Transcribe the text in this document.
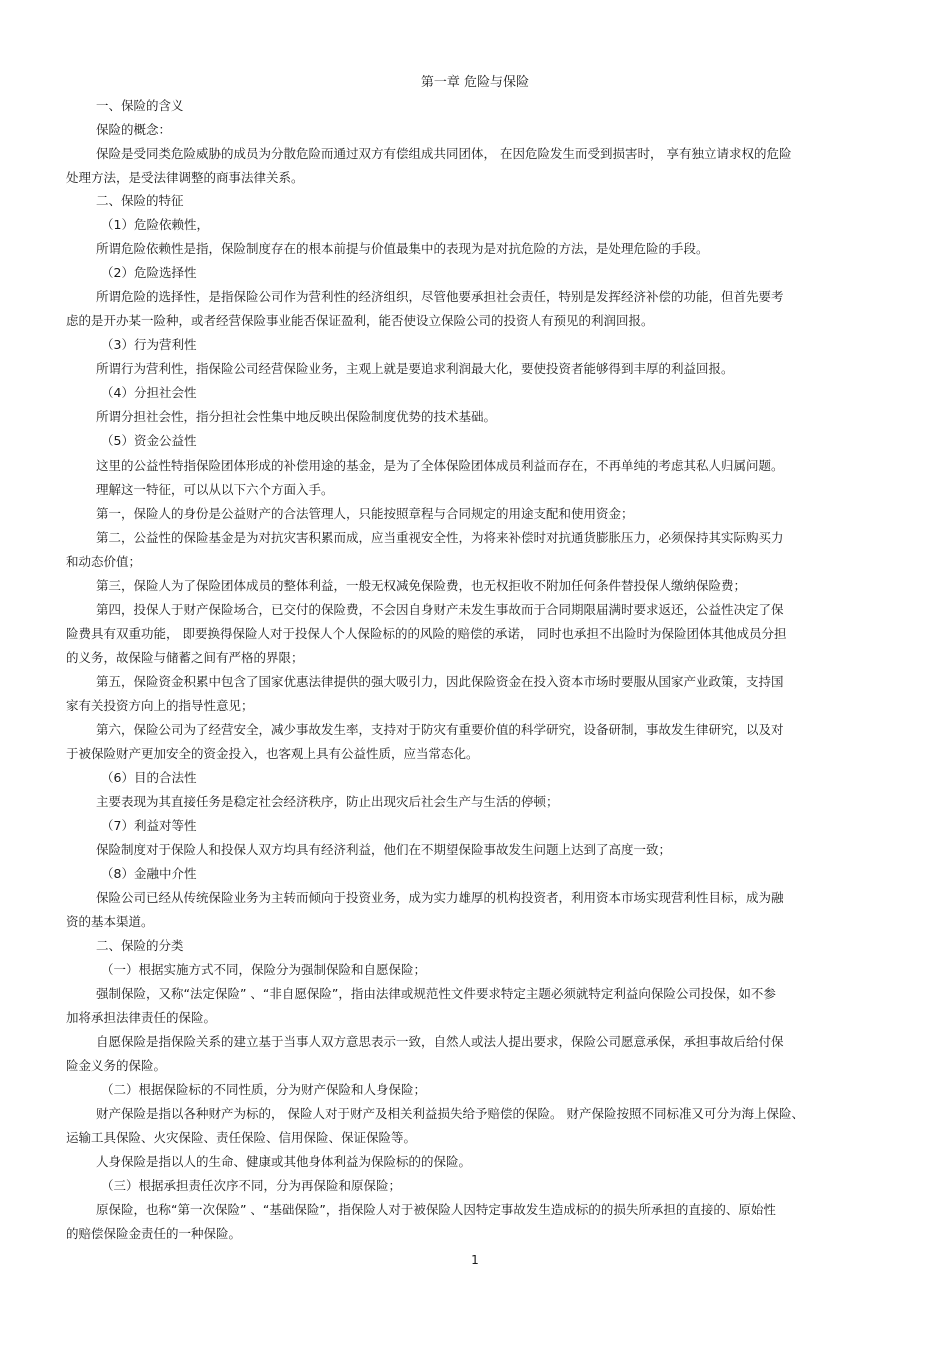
第一章 危险与保险
一、保险的含义
保险的概念：
保险是受同类危险威胁的成员为分散危险而通过双方有偿组成共同团体， 在因危险发生而受到损害时， 享有独立请求权的危险
处理方法，是受法律调整的商事法律关系。
二、保险的特征
（1）危险依赖性，
所谓危险依赖性是指，保险制度存在的根本前提与价值最集中的表现为是对抗危险的方法，是处理危险的手段。
（2）危险选择性
所谓危险的选择性，是指保险公司作为营利性的经济组织，尽管他要承担社会责任，特别是发挥经济补偿的功能，但首先要考
虑的是开办某一险种，或者经营保险事业能否保证盈利，能否使设立保险公司的投资人有预见的利润回报。
（3）行为营利性
所谓行为营利性，指保险公司经营保险业务，主观上就是要追求利润最大化，要使投资者能够得到丰厚的利益回报。
（4）分担社会性
所谓分担社会性，指分担社会性集中地反映出保险制度优势的技术基础。
（5）资金公益性
这里的公益性特指保险团体形成的补偿用途的基金，是为了全体保险团体成员利益而存在，不再单纯的考虑其私人归属问题。
理解这一特征，可以从以下六个方面入手。
第一，保险人的身份是公益财产的合法管理人，只能按照章程与合同规定的用途支配和使用资金；
第二，公益性的保险基金是为对抗灾害积累而成，应当重视安全性，为将来补偿时对抗通货膨胀压力，必须保持其实际购买力
和动态价值；
第三，保险人为了保险团体成员的整体利益，一般无权减免保险费，也无权拒收不附加任何条件替投保人缴纳保险费；
第四，投保人于财产保险场合，已交付的保险费，不会因自身财产未发生事故而于合同期限届满时要求返还，公益性决定了保
险费具有双重功能， 即要换得保险人对于投保人个人保险标的的风险的赔偿的承诺， 同时也承担不出险时为保险团体其他成员分担
的义务，故保险与储蓄之间有严格的界限；
第五，保险资金积累中包含了国家优惠法律提供的强大吸引力，因此保险资金在投入资本市场时要服从国家产业政策，支持国
家有关投资方向上的指导性意见；
第六，保险公司为了经营安全，减少事故发生率，支持对于防灾有重要价值的科学研究，设备研制，事故发生律研究，以及对
于被保险财产更加安全的资金投入，也客观上具有公益性质，应当常态化。
（6）目的合法性
主要表现为其直接任务是稳定社会经济秩序，防止出现灾后社会生产与生活的停顿；
（7）利益对等性
保险制度对于保险人和投保人双方均具有经济利益，他们在不期望保险事故发生问题上达到了高度一致；
（8）金融中介性
保险公司已经从传统保险业务为主转而倾向于投资业务，成为实力雄厚的机构投资者，利用资本市场实现营利性目标，成为融
资的基本渠道。
二、保险的分类
（一）根据实施方式不同，保险分为强制保险和自愿保险；
强制保险，又称“法定保险” 、“非自愿保险”，指由法律或规范性文件要求特定主题必须就特定利益向保险公司投保，如不参
加将承担法律责任的保险。
自愿保险是指保险关系的建立基于当事人双方意思表示一致，自然人或法人提出要求，保险公司愿意承保，承担事故后给付保
险金义务的保险。
（二）根据保险标的不同性质，分为财产保险和人身保险；
财产保险是指以各种财产为标的， 保险人对于财产及相关利益损失给予赔偿的保险。 财产保险按照不同标准又可分为海上保险、
运输工具保险、火灾保险、责任保险、信用保险、保证保险等。
人身保险是指以人的生命、健康或其他身体利益为保险标的的保险。
（三）根据承担责任次序不同，分为再保险和原保险；
原保险，也称“第一次保险” 、“基础保险”，指保险人对于被保险人因特定事故发生造成标的的损失所承担的直接的、原始性
的赔偿保险金责任的一种保险。
1
